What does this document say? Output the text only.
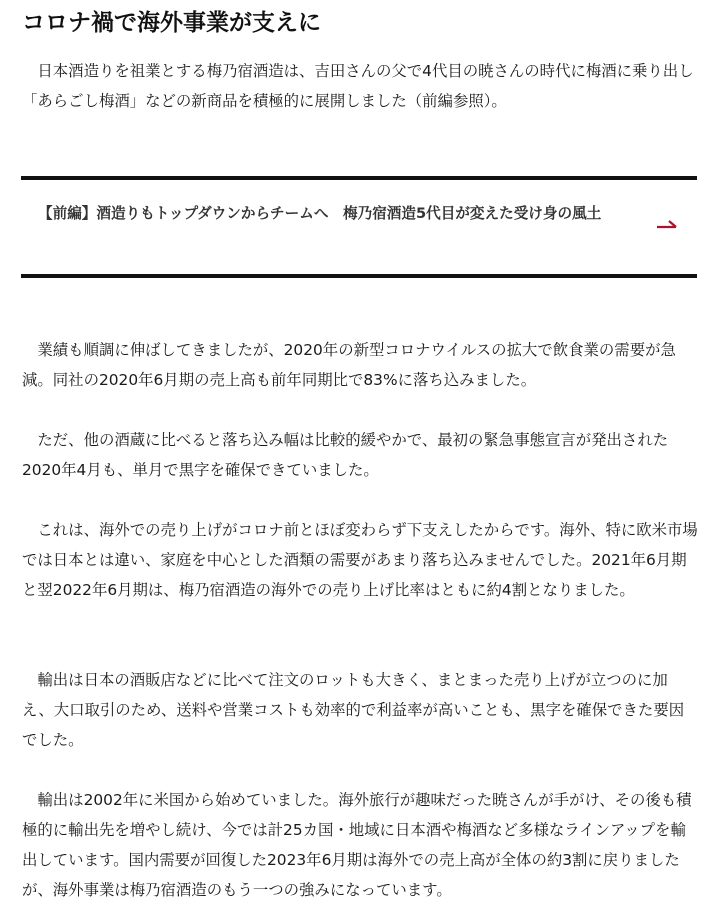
コロナ禍で海外事業が支えに

日本酒造りを祖業とする梅乃宿酒造は、吉田さんの父で4代目の暁さんの時代に梅酒に乗り出し「あらごし梅酒」などの新商品を積極的に展開しました（前編参照）。

【前編】酒造りもトップダウンからチームへ　梅乃宿酒造5代目が変えた受け身の風土

業績も順調に伸ばしてきましたが、2020年の新型コロナウイルスの拡大で飲食業の需要が急減。同社の2020年6月期の売上高も前年同期比で83%に落ち込みました。

ただ、他の酒蔵に比べると落ち込み幅は比較的緩やかで、最初の緊急事態宣言が発出された2020年4月も、単月で黒字を確保できていました。

これは、海外での売り上げがコロナ前とほぼ変わらず下支えしたからです。海外、特に欧米市場では日本とは違い、家庭を中心とした酒類の需要があまり落ち込みませんでした。2021年6月期と翌2022年6月期は、梅乃宿酒造の海外での売り上げ比率はともに約4割となりました。

輸出は日本の酒販店などに比べて注文のロットも大きく、まとまった売り上げが立つのに加え、大口取引のため、送料や営業コストも効率的で利益率が高いことも、黒字を確保できた要因でした。

輸出は2002年に米国から始めていました。海外旅行が趣味だった暁さんが手がけ、その後も積極的に輸出先を増やし続け、今では計25カ国・地域に日本酒や梅酒など多様なラインアップを輸出しています。国内需要が回復した2023年6月期は海外での売上高が全体の約3割に戻りましたが、海外事業は梅乃宿酒造のもう一つの強みになっています。
